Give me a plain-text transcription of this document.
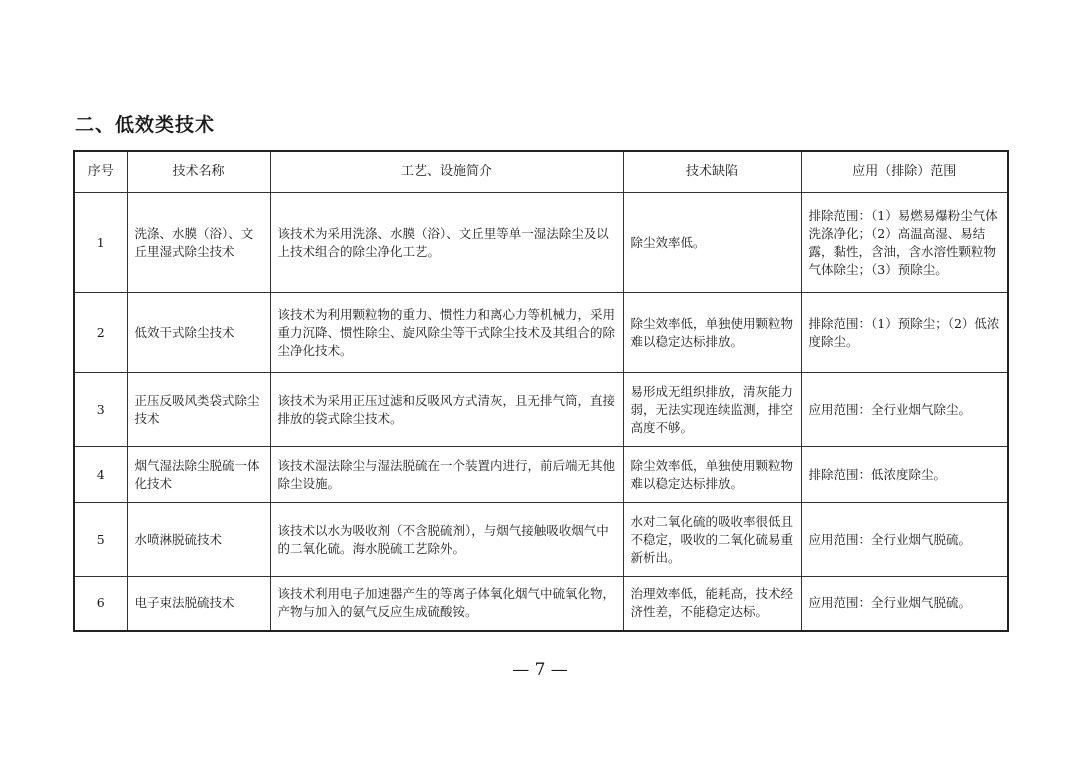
二、低效类技术
序号	技术名称	工艺、设施简介	技术缺陷	应用（排除）范围
1	洗涤、水膜（浴）、文丘里湿式除尘技术	该技术为采用洗涤、水膜（浴）、文丘里等单一湿法除尘及以上技术组合的除尘净化工艺。	除尘效率低。	排除范围：（1）易燃易爆粉尘气体洗涤净化；（2）高温高湿、易结露，黏性，含油，含水溶性颗粒物气体除尘；（3）预除尘。
2	低效干式除尘技术	该技术为利用颗粒物的重力、惯性力和离心力等机械力，采用重力沉降、惯性除尘、旋风除尘等干式除尘技术及其组合的除尘净化技术。	除尘效率低，单独使用颗粒物难以稳定达标排放。	排除范围：（1）预除尘；（2）低浓度除尘。
3	正压反吸风类袋式除尘技术	该技术为采用正压过滤和反吸风方式清灰，且无排气筒，直接排放的袋式除尘技术。	易形成无组织排放，清灰能力弱，无法实现连续监测，排空高度不够。	应用范围：全行业烟气除尘。
4	烟气湿法除尘脱硫一体化技术	该技术湿法除尘与湿法脱硫在一个装置内进行，前后端无其他除尘设施。	除尘效率低，单独使用颗粒物难以稳定达标排放。	排除范围：低浓度除尘。
5	水喷淋脱硫技术	该技术以水为吸收剂（不含脱硫剂），与烟气接触吸收烟气中的二氧化硫。海水脱硫工艺除外。	水对二氧化硫的吸收率很低且不稳定，吸收的二氧化硫易重新析出。	应用范围：全行业烟气脱硫。
6	电子束法脱硫技术	该技术利用电子加速器产生的等离子体氧化烟气中硫氧化物，产物与加入的氨气反应生成硫酸铵。	治理效率低，能耗高，技术经济性差，不能稳定达标。	应用范围：全行业烟气脱硫。
— 7 —
